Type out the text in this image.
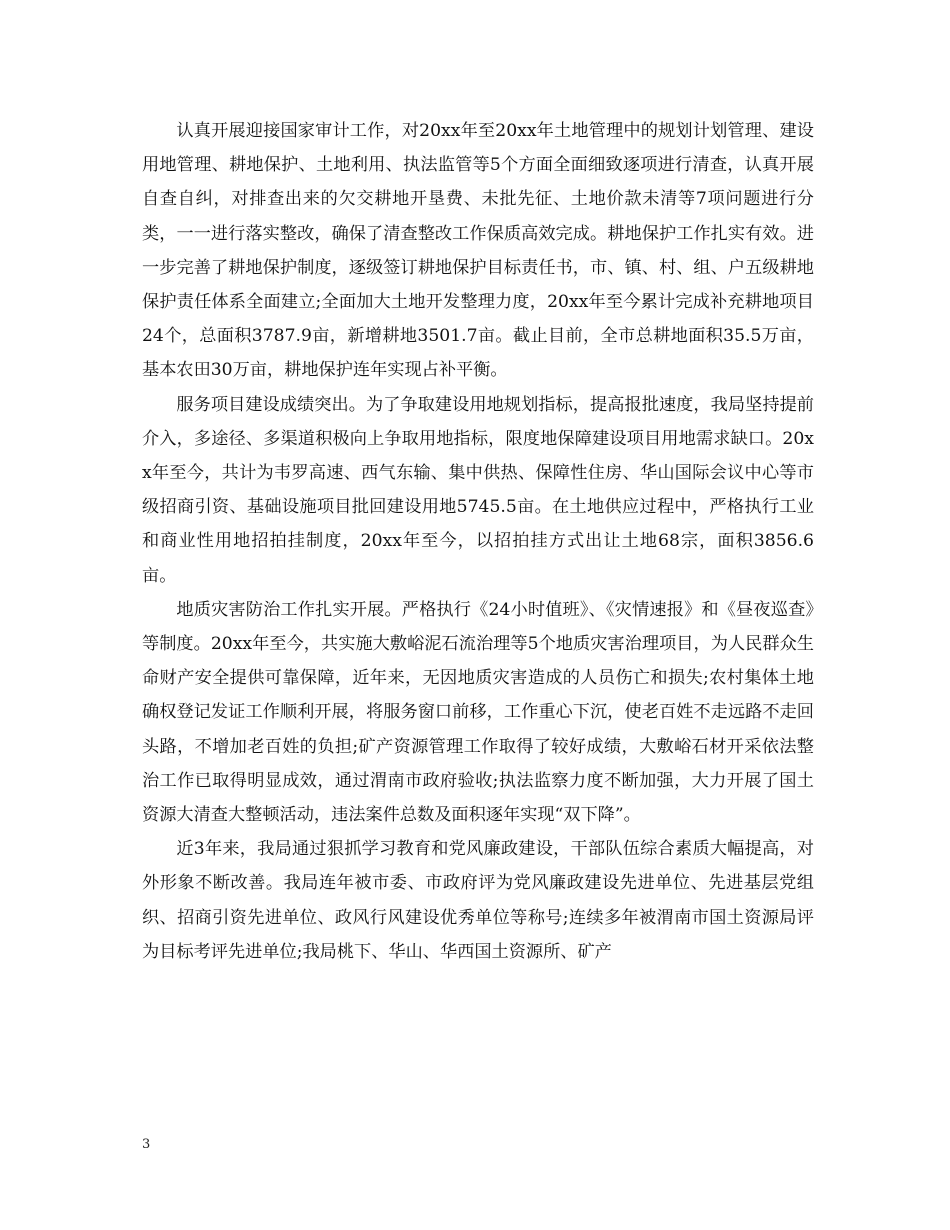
认真开展迎接国家审计工作，对20xx年至20xx年土地管理中的规划计划管理、建设用地管理、耕地保护、土地利用、执法监管等5个方面全面细致逐项进行清查，认真开展自查自纠，对排查出来的欠交耕地开垦费、未批先征、土地价款未清等7项问题进行分类，一一进行落实整改，确保了清查整改工作保质高效完成。耕地保护工作扎实有效。进一步完善了耕地保护制度，逐级签订耕地保护目标责任书，市、镇、村、组、户五级耕地保护责任体系全面建立;全面加大土地开发整理力度，20xx年至今累计完成补充耕地项目24个，总面积3787.9亩，新增耕地3501.7亩。截止目前，全市总耕地面积35.5万亩，基本农田30万亩，耕地保护连年实现占补平衡。

服务项目建设成绩突出。为了争取建设用地规划指标，提高报批速度，我局坚持提前介入，多途径、多渠道积极向上争取用地指标，限度地保障建设项目用地需求缺口。20xx年至今，共计为韦罗高速、西气东输、集中供热、保障性住房、华山国际会议中心等市级招商引资、基础设施项目批回建设用地5745.5亩。在土地供应过程中，严格执行工业和商业性用地招拍挂制度，20xx年至今，以招拍挂方式出让土地68宗，面积3856.6亩。

地质灾害防治工作扎实开展。严格执行《24小时值班》、《灾情速报》和《昼夜巡查》等制度。20xx年至今，共实施大敷峪泥石流治理等5个地质灾害治理项目，为人民群众生命财产安全提供可靠保障，近年来，无因地质灾害造成的人员伤亡和损失;农村集体土地确权登记发证工作顺利开展，将服务窗口前移，工作重心下沉，使老百姓不走远路不走回头路，不增加老百姓的负担;矿产资源管理工作取得了较好成绩，大敷峪石材开采依法整治工作已取得明显成效，通过渭南市政府验收;执法监察力度不断加强，大力开展了国土资源大清查大整顿活动，违法案件总数及面积逐年实现“双下降”。

近3年来，我局通过狠抓学习教育和党风廉政建设，干部队伍综合素质大幅提高，对外形象不断改善。我局连年被市委、市政府评为党风廉政建设先进单位、先进基层党组织、招商引资先进单位、政风行风建设优秀单位等称号;连续多年被渭南市国土资源局评为目标考评先进单位;我局桃下、华山、华西国土资源所、矿产

3
